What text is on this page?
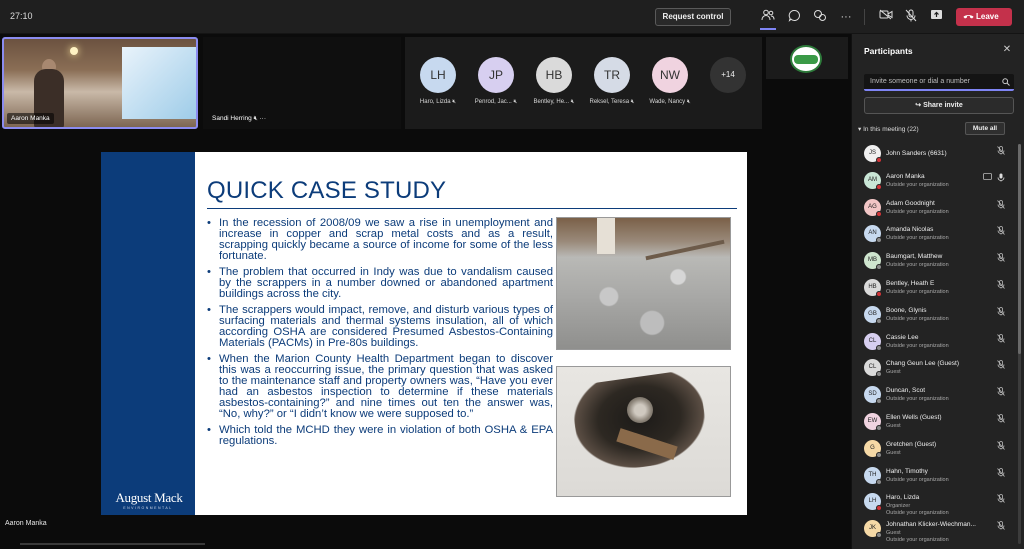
27:10	Request control	···	Leave
Aaron Manka	Sandi Herring 🔇︎ ···
LH
Haro, Lizda 🔇︎
JP
Penrod, Jac... 🔇︎
HB
Bentley, He... 🔇︎
TR
Reksel, Teresa 🔇︎
NW
Wade, Nancy 🔇︎
+14
Aaron Manka
August Mack
ENVIRONMENTAL
QUICK CASE STUDY
• In the recession of 2008/09 we saw a rise in unemployment and increase in copper and scrap metal costs and as a result, scrapping quickly became a source of income for some of the less fortunate.
• The problem that occurred in Indy was due to vandalism caused by the scrappers in a number downed or abandoned apartment buildings across the city.
• The scrappers would impact, remove, and disturb various types of surfacing materials and thermal systems insulation, all of which according OSHA are considered Presumed Asbestos-Containing Materials (PACMs) in Pre-80s buildings.
• When the Marion County Health Department began to discover this was a reoccurring issue, the primary question that was asked to the maintenance staff and property owners was, “Have you ever had an asbestos inspection to determine if these materials asbestos-containing?” and nine times out ten the answer was, “No, why?” or “I didn’t know we were supposed to.”
• Which told the MCHD they were in violation of both OSHA & EPA regulations.
Participants	✕
Invite someone or dial a number
↪ Share invite
▾ In this meeting (22)	Mute all
JS	John Sanders (6631)
AM	Aaron Manka
Outside your organization
AG	Adam Goodnight
Outside your organization
AN	Amanda Nicolas
Outside your organization
MB	Baumgart, Matthew
Outside your organization
HB	Bentley, Heath E
Outside your organization
GB	Boone, Glynis
Outside your organization
CL	Cassie Lee
Outside your organization
CL	Chang Geun Lee (Guest)
Guest
SD	Duncan, Scot
Outside your organization
EW	Ellen Wells (Guest)
Guest
G	Gretchen (Guest)
Guest
TH	Hahn, Timothy
Outside your organization
LH	Haro, Lizda
Organizer
Outside your organization
JK	Johnathan Klicker-Wiechman...
Guest
Outside your organization
